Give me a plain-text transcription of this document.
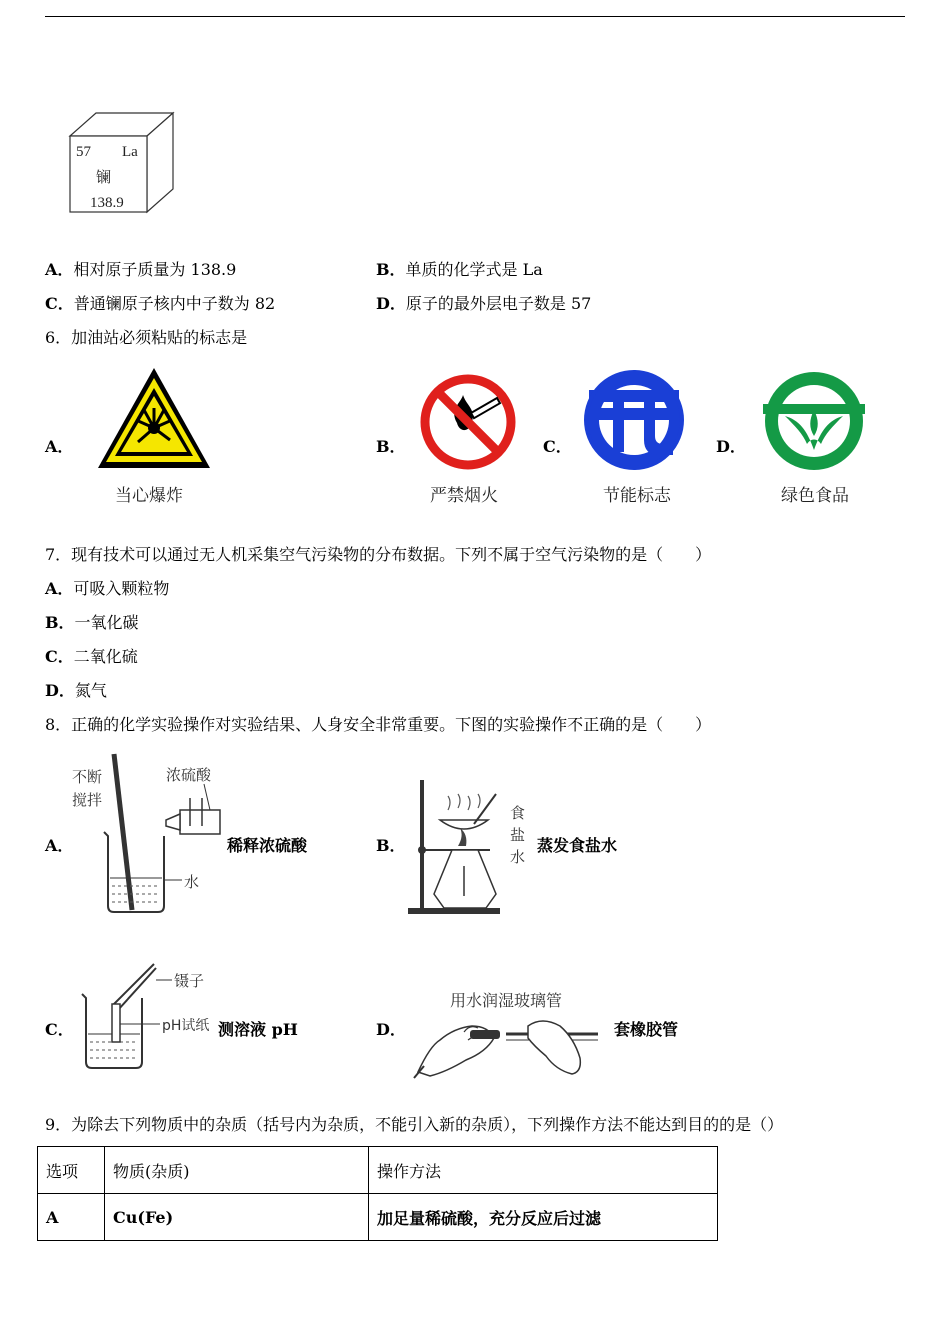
57 La
镧
138.9
A．相对原子质量为 138.9	B．单质的化学式是 La
C．普通镧原子核内中子数为 82	D．原子的最外层电子数是 57
6．加油站必须粘贴的标志是
A．
当心爆炸
B．
严禁烟火
C．
节能标志
D．
绿色食品
7．现有技术可以通过无人机采集空气污染物的分布数据。下列不属于空气污染物的是（　　）
A．可吸入颗粒物
B．一氧化碳
C．二氧化硫
D．氮气
8．正确的化学实验操作对实验结果、人身安全非常重要。下图的实验操作不正确的是（　　）
A．
不断
搅拌
浓硫酸
水
稀释浓硫酸	B．
食
盐
水
蒸发食盐水
C．
镊子
pH试纸 测溶液 pH	D．
用水润湿玻璃管
套橡胶管
9．为除去下列物质中的杂质（括号内为杂质，不能引入新的杂质），下列操作方法不能达到目的的是（）
选项	物质(杂质)	操作方法
A	Cu(Fe)	加足量稀硫酸，充分反应后过滤
